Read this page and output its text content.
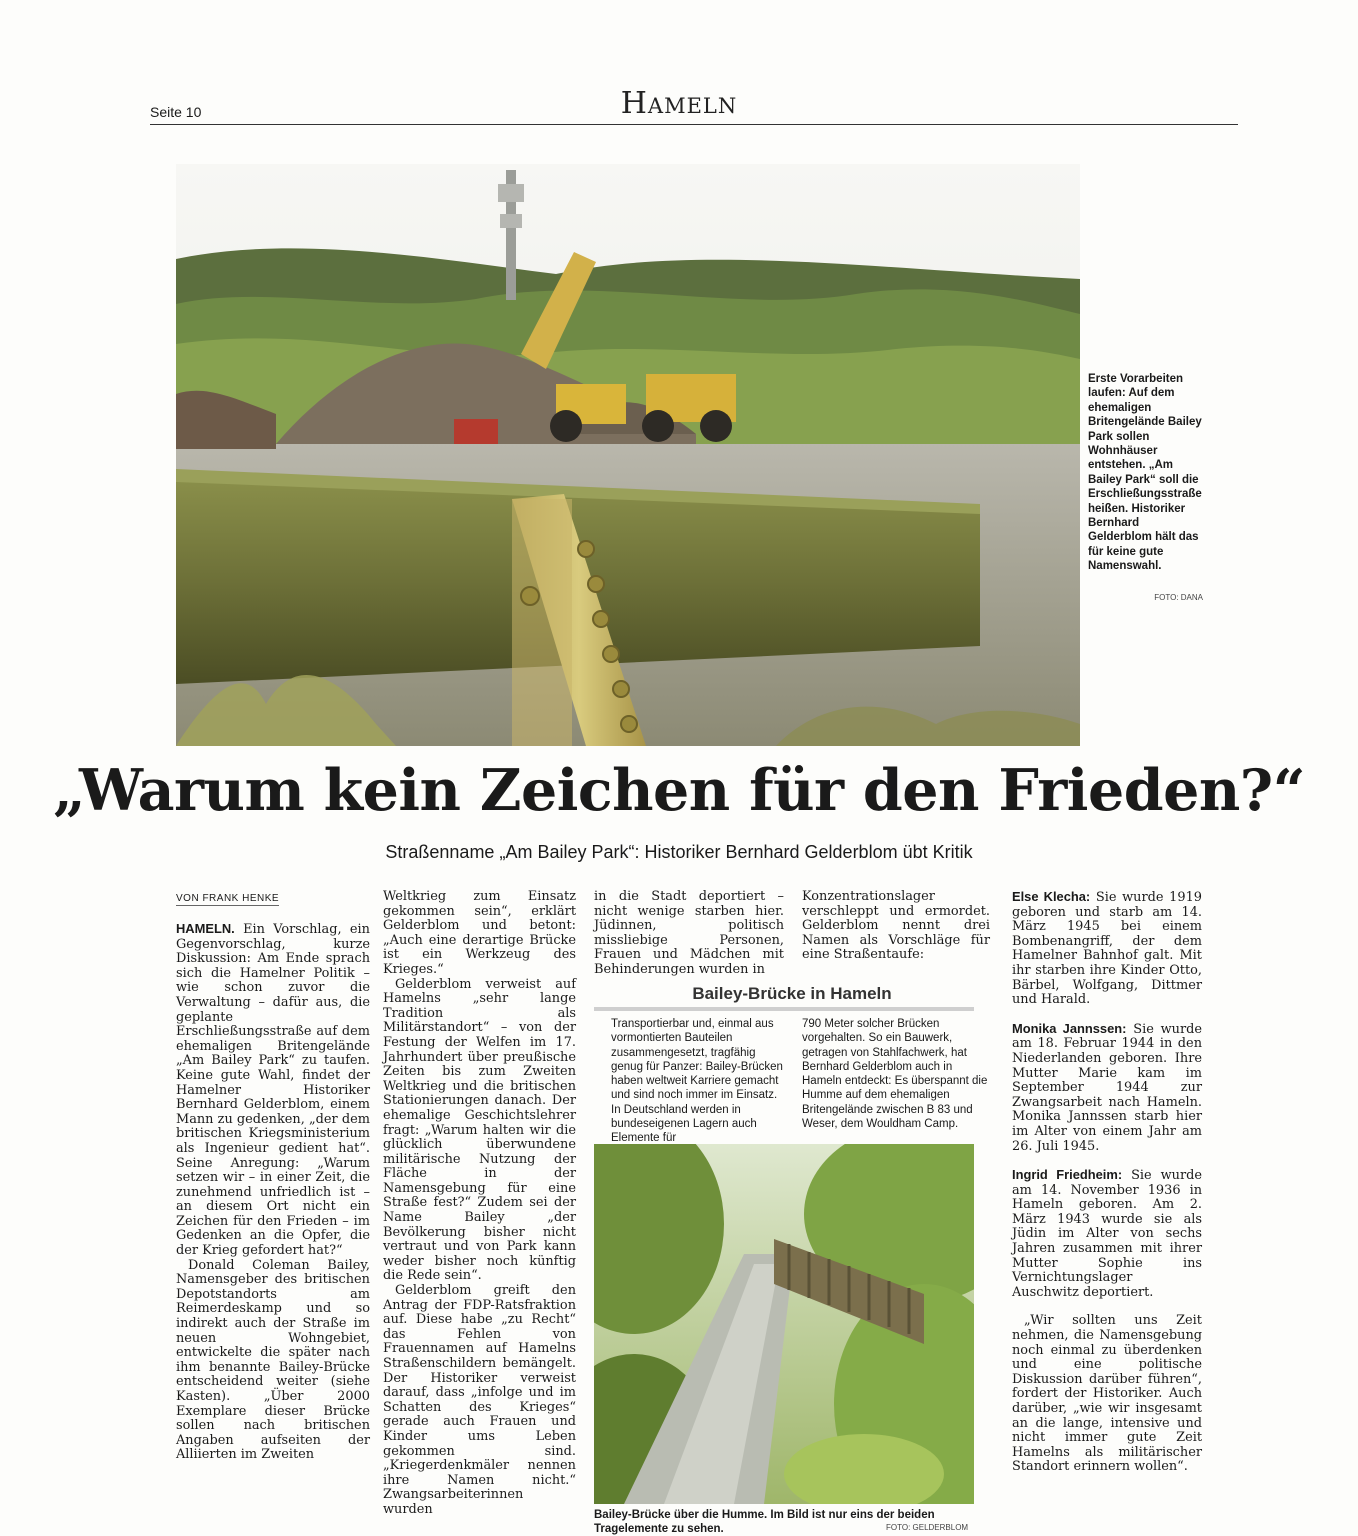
Seite 10	Hameln
Erste Vorarbeiten laufen: Auf dem ehemaligen Britengelände Bailey Park sollen Wohnhäuser entstehen. „Am Bailey Park“ soll die Erschließungsstraße heißen. Historiker Bernhard Gelderblom hält das für keine gute Namenswahl.
FOTO: DANA
„Warum kein Zeichen für den Frieden?“
Straßenname „Am Bailey Park“: Historiker Bernhard Gelderblom übt Kritik
VON FRANK HENKE

HAMELN. Ein Vorschlag, ein Gegenvorschlag, kurze Diskussion: Am Ende sprach sich die Hamelner Politik – wie schon zuvor die Verwaltung – dafür aus, die geplante Erschließungsstraße auf dem ehemaligen Britengelände „Am Bailey Park“ zu taufen. Keine gute Wahl, findet der Hamelner Historiker Bernhard Gelderblom, einem Mann zu gedenken, „der dem britischen Kriegsministerium als Ingenieur gedient hat“. Seine Anregung: „Warum setzen wir – in einer Zeit, die zunehmend unfriedlich ist – an diesem Ort nicht ein Zeichen für den Frieden – im Gedenken an die Opfer, die der Krieg gefordert hat?“

Donald Coleman Bailey, Namensgeber des britischen Depotstandorts am Reimerdeskamp und so indirekt auch der Straße im neuen Wohngebiet, entwickelte die später nach ihm benannte Bailey-Brücke entscheidend weiter (siehe Kasten). „Über 2000 Exemplare dieser Brücke sollen nach britischen Angaben aufseiten der Alliierten im Zweiten

Weltkrieg zum Einsatz gekommen sein“, erklärt Gelderblom und betont: „Auch eine derartige Brücke ist ein Werkzeug des Krieges.“

Gelderblom verweist auf Hamelns „sehr lange Tradition als Militärstandort“ – von der Festung der Welfen im 17. Jahrhundert über preußische Zeiten bis zum Zweiten Weltkrieg und die britischen Stationierungen danach. Der ehemalige Geschichtslehrer fragt: „Warum halten wir die glücklich überwundene militärische Nutzung der Fläche in der Namensgebung für eine Straße fest?“ Zudem sei der Name Bailey „der Bevölkerung bisher nicht vertraut und von Park kann weder bisher noch künftig die Rede sein“.

Gelderblom greift den Antrag der FDP-Ratsfraktion auf. Diese habe „zu Recht“ das Fehlen von Frauennamen auf Hamelns Straßenschildern bemängelt. Der Historiker verweist darauf, dass „infolge und im Schatten des Krieges“ gerade auch Frauen und Kinder ums Leben gekommen sind. „Kriegerdenkmäler nennen ihre Namen nicht.“ Zwangsarbeiterinnen wurden

in die Stadt deportiert – nicht wenige starben hier. Jüdinnen, politisch missliebige Personen, Frauen und Mädchen mit Behinderungen wurden in

Konzentrationslager verschleppt und ermordet. Gelderblom nennt drei Namen als Vorschläge für eine Straßentaufe:

Else Klecha: Sie wurde 1919 geboren und starb am 14. März 1945 bei einem Bombenangriff, der dem Hamelner Bahnhof galt. Mit ihr starben ihre Kinder Otto, Bärbel, Wolfgang, Dittmer und Harald.

Monika Jannssen: Sie wurde am 18. Februar 1944 in den Niederlanden geboren. Ihre Mutter Marie kam im September 1944 zur Zwangsarbeit nach Hameln. Monika Jannssen starb hier im Alter von einem Jahr am 26. Juli 1945.

Ingrid Friedheim: Sie wurde am 14. November 1936 in Hameln geboren. Am 2. März 1943 wurde sie als Jüdin im Alter von sechs Jahren zusammen mit ihrer Mutter Sophie ins Vernichtungslager Auschwitz deportiert.

„Wir sollten uns Zeit nehmen, die Namensgebung noch einmal zu überdenken und eine politische Diskussion darüber führen“, fordert der Historiker. Auch darüber, „wie wir insgesamt an die lange, intensive und nicht immer gute Zeit Hamelns als militärischer Standort erinnern wollen“.

Bailey-Brücke in Hameln
Transportierbar und, einmal aus vormontierten Bauteilen zusammengesetzt, tragfähig genug für Panzer: Bailey-Brücken haben weltweit Karriere gemacht und sind noch immer im Einsatz. In Deutschland werden in bundeseigenen Lagern auch Elemente für
790 Meter solcher Brücken vorgehalten. So ein Bauwerk, getragen von Stahlfachwerk, hat Bernhard Gelderblom auch in Hameln entdeckt: Es überspannt die Humme auf dem ehemaligen Britengelände zwischen B 83 und Weser, dem Wouldham Camp.
Bailey-Brücke über die Humme. Im Bild ist nur eins der beiden Tragelemente zu sehen.	FOTO: GELDERBLOM
